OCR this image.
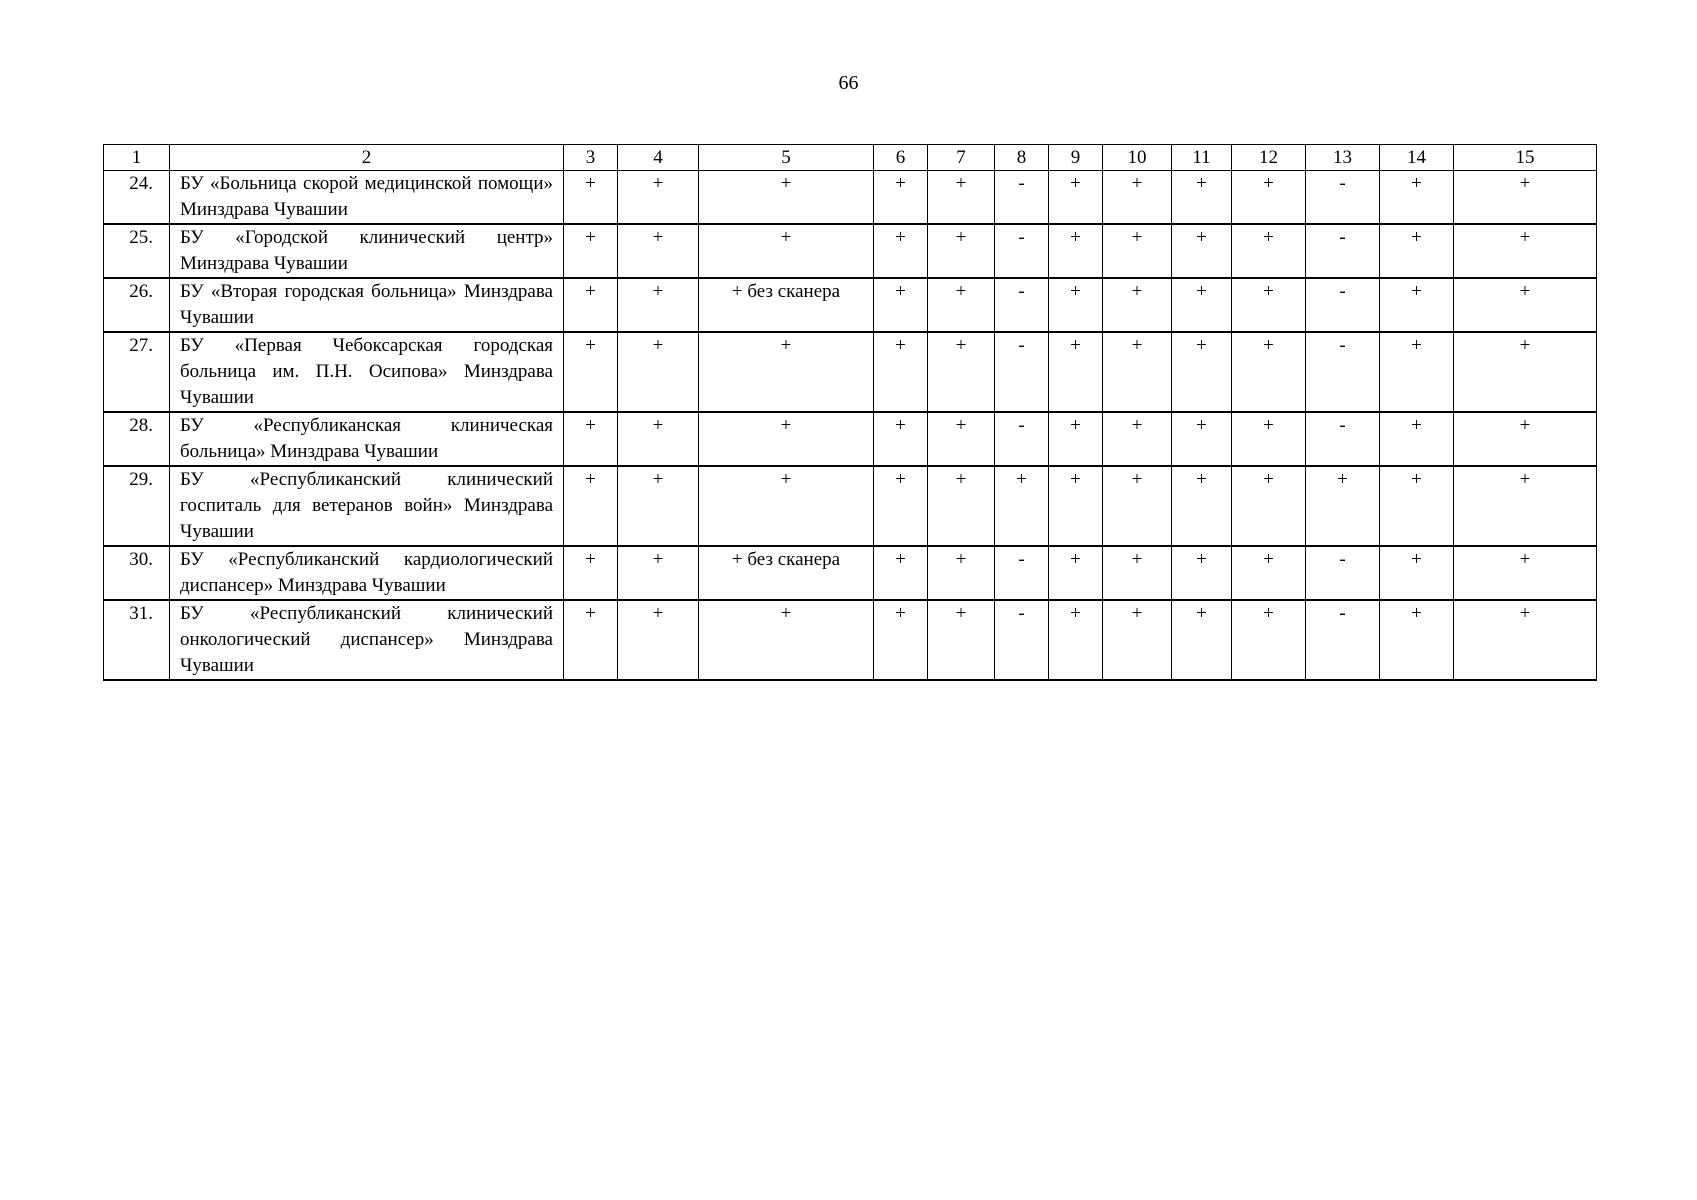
66
1	2	3	4	5	6	7	8	9	10	11	12	13	14	15
24.	БУ «Больница скорой медицинской помощи» Минздрава Чувашии	+	+	+	+	+	-	+	+	+	+	-	+	+
25.	БУ «Городской клинический центр» Минздрава Чувашии	+	+	+	+	+	-	+	+	+	+	-	+	+
26.	БУ «Вторая городская больница» Минздрава Чувашии	+	+	+ без сканера	+	+	-	+	+	+	+	-	+	+
27.	БУ «Первая Чебоксарская городская больница им. П.Н. Осипова» Минздрава Чувашии	+	+	+	+	+	-	+	+	+	+	-	+	+
28.	БУ «Республиканская клиническая больница» Минздрава Чувашии	+	+	+	+	+	-	+	+	+	+	-	+	+
29.	БУ «Республиканский клинический госпиталь для ветеранов войн» Минздрава Чувашии	+	+	+	+	+	+	+	+	+	+	+	+	+
30.	БУ «Республиканский кардиологический диспансер» Минздрава Чувашии	+	+	+ без сканера	+	+	-	+	+	+	+	-	+	+
31.	БУ «Республиканский клинический онкологический диспансер» Минздрава Чувашии	+	+	+	+	+	-	+	+	+	+	-	+	+
